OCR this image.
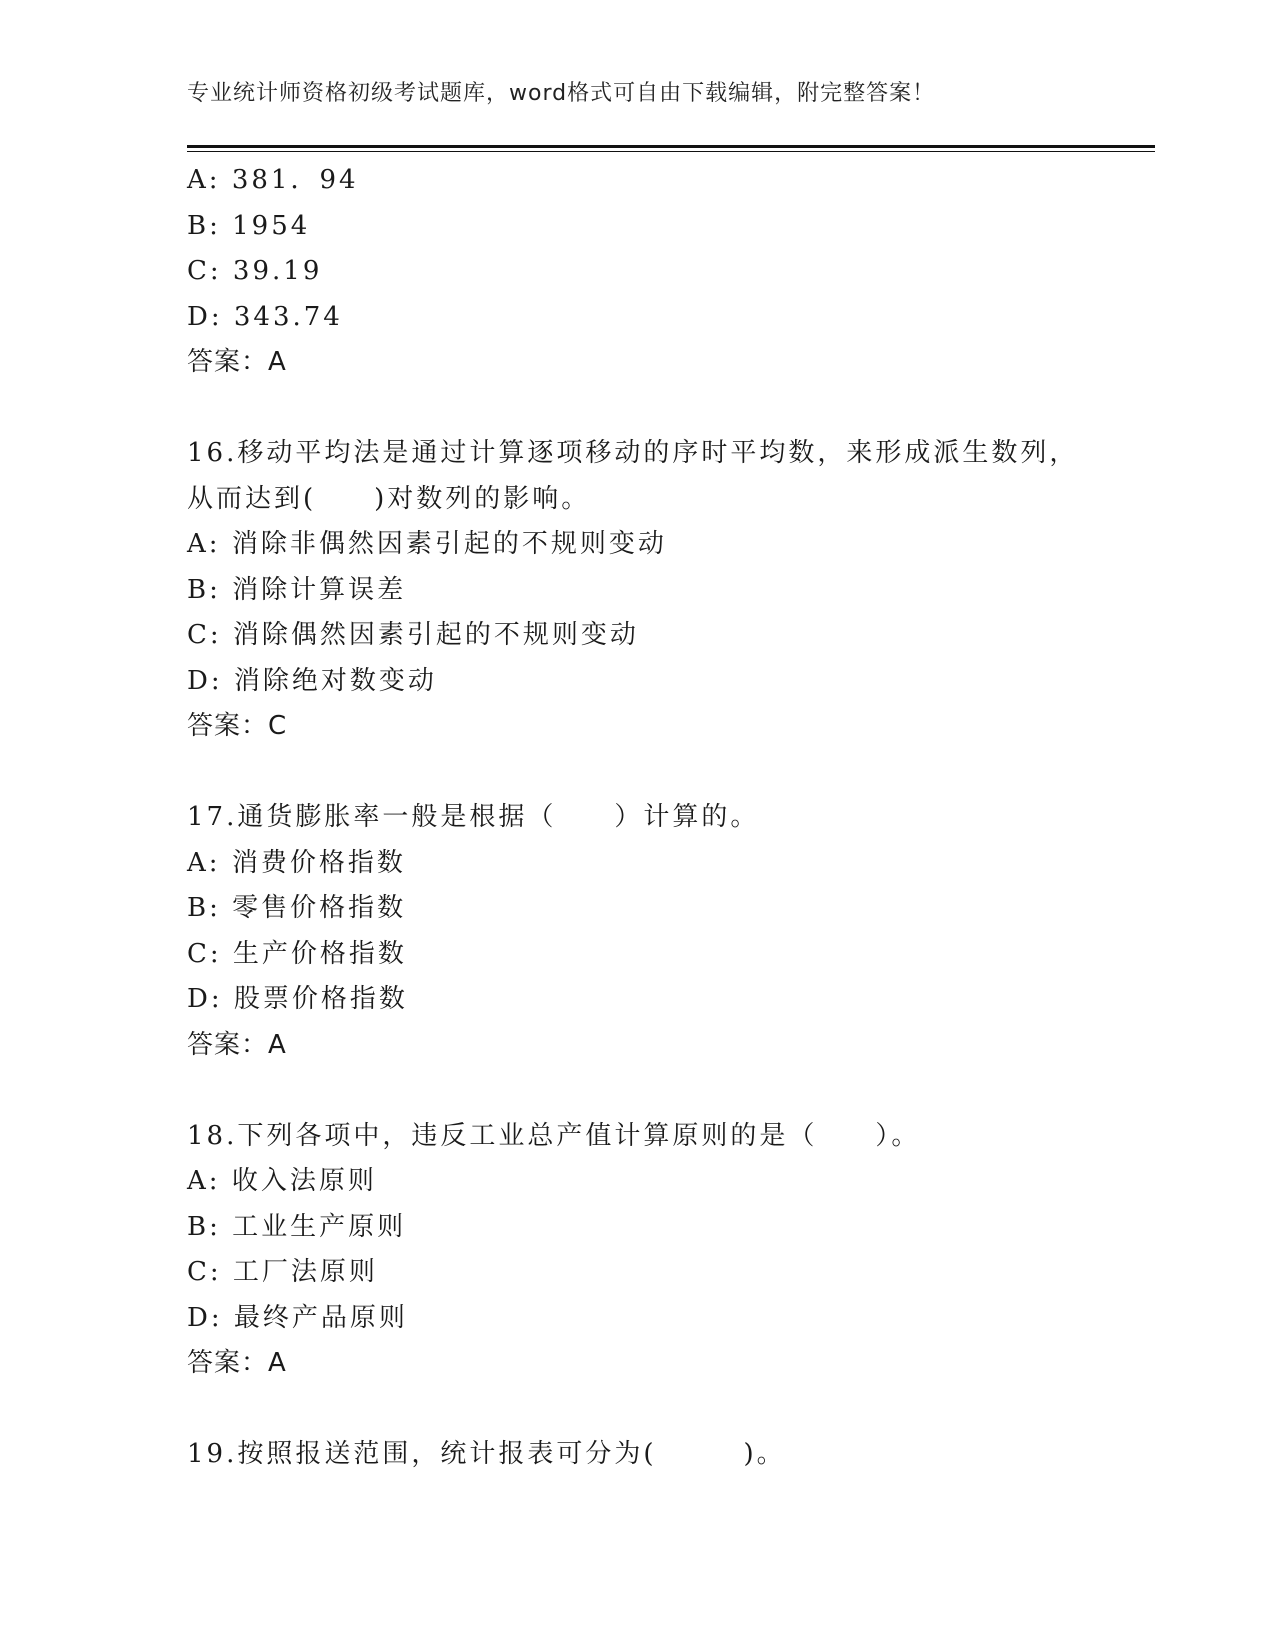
专业统计师资格初级考试题库，word格式可自由下载编辑，附完整答案！
A: 381．94
B: 1954
C: 39.19
D: 343.74
答案：A
16.移动平均法是通过计算逐项移动的序时平均数，来形成派生数列，
从而达到(　　)对数列的影响。
A: 消除非偶然因素引起的不规则变动
B: 消除计算误差
C: 消除偶然因素引起的不规则变动
D: 消除绝对数变动
答案：C
17.通货膨胀率一般是根据（　　）计算的。
A: 消费价格指数
B: 零售价格指数
C: 生产价格指数
D: 股票价格指数
答案：A
18.下列各项中，违反工业总产值计算原则的是（　　）。
A: 收入法原则
B: 工业生产原则
C: 工厂法原则
D: 最终产品原则
答案：A
19.按照报送范围，统计报表可分为(　　　)。
